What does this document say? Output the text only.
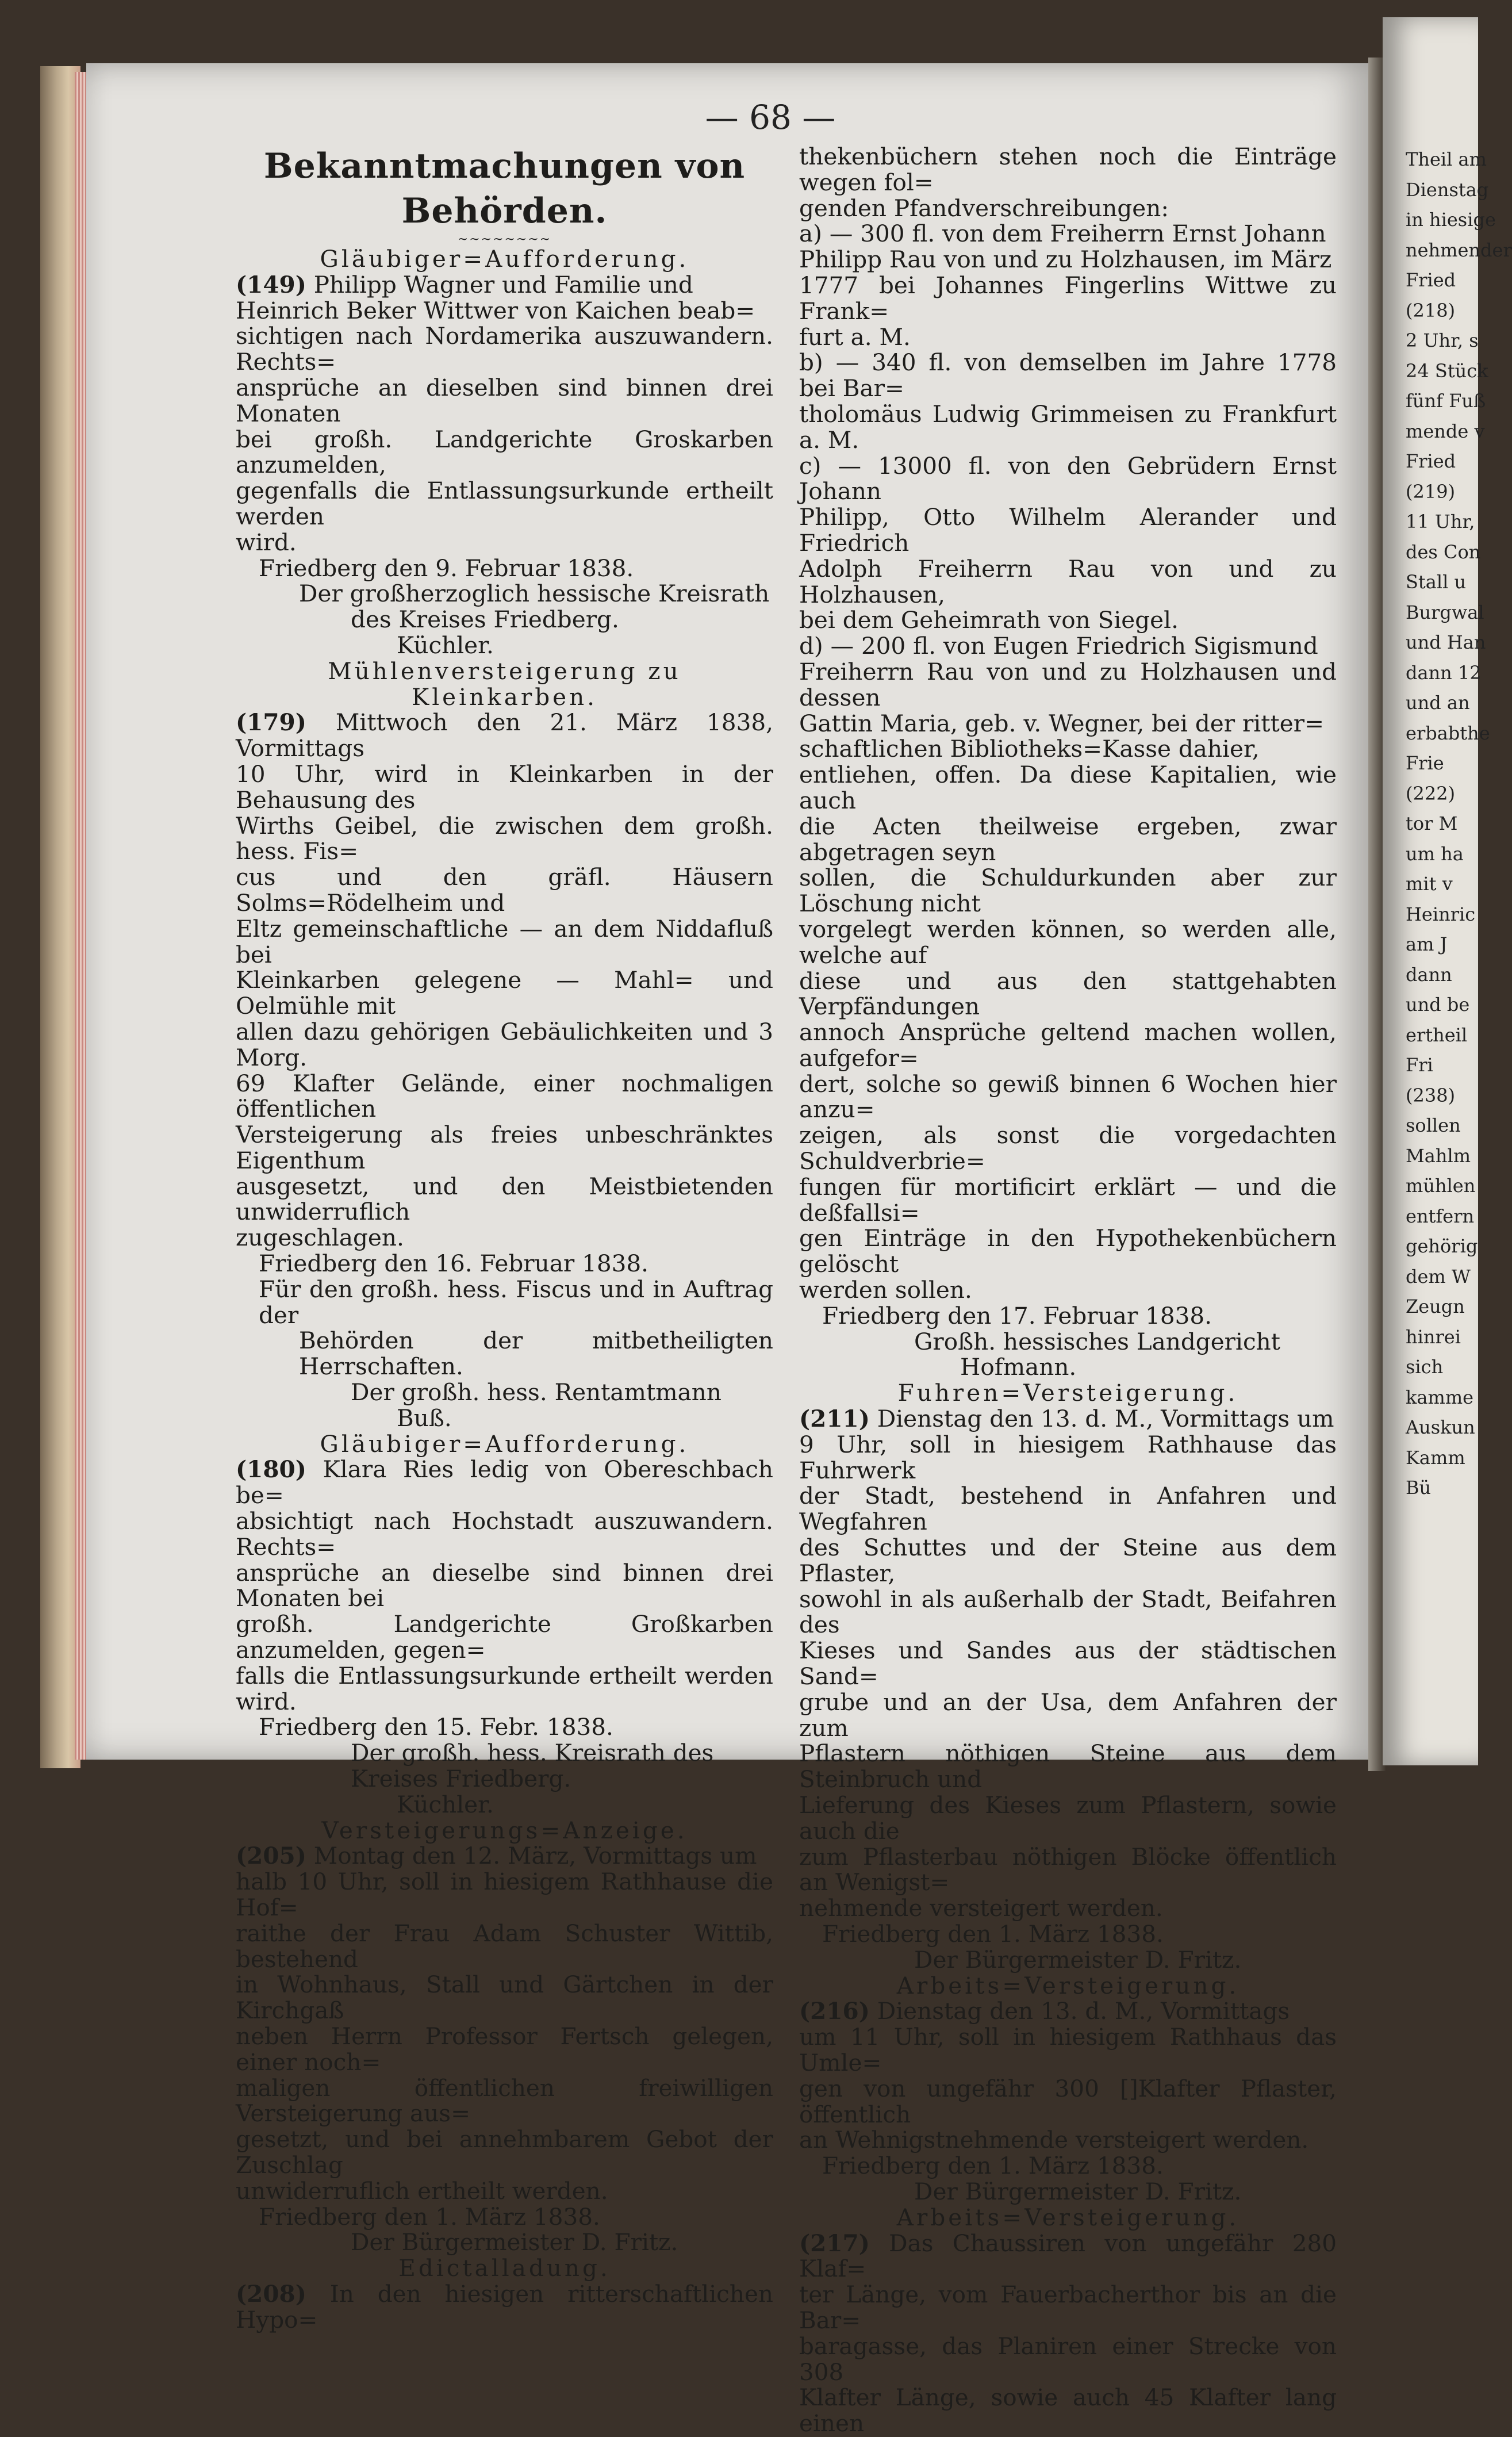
Theil am
Dienstag
in hiesige
nehmender
Fried
(218)
2 Uhr, s
24 Stück
fünf Fuß
mende v
Fried
(219)
11 Uhr,
des Con
Stall u
Burgwal
und Han
dann 12
und an
erbabthe
Frie
(222)
tor M
um ha
mit v
Heinric
am J
dann
und be
ertheil
Fri
(238)
sollen
Mahlm
mühlen
entfern
gehörig
dem W
Zeugn
hinrei
sich
kamme
Auskun
Kamm
Bü
— 68 —
Bekanntmachungen von Behörden.
~~~~~~~~
Gläubiger=Aufforderung.

(149) Philipp Wagner und Familie und

Heinrich Beker Wittwer von Kaichen beab=

sichtigen nach Nordamerika auszuwandern. Rechts=

ansprüche an dieselben sind binnen drei Monaten

bei großh. Landgerichte Groskarben anzumelden,

gegenfalls die Entlassungsurkunde ertheilt werden

wird.

Friedberg den 9. Februar 1838.

Der großherzoglich hessische Kreisrath

des Kreises Friedberg.

Küchler.

Mühlenversteigerung zu Kleinkarben.

(179) Mittwoch den 21. März 1838, Vormittags

10 Uhr, wird in Kleinkarben in der Behausung des

Wirths Geibel, die zwischen dem großh. hess. Fis=

cus und den gräfl. Häusern Solms=Rödelheim und

Eltz gemeinschaftliche — an dem Niddafluß bei

Kleinkarben gelegene — Mahl= und Oelmühle mit

allen dazu gehörigen Gebäulichkeiten und 3 Morg.

69 Klafter Gelände, einer nochmaligen öffentlichen

Versteigerung als freies unbeschränktes Eigenthum

ausgesetzt, und den Meistbietenden unwiderruflich

zugeschlagen.

Friedberg den 16. Februar 1838.

Für den großh. hess. Fiscus und in Auftrag der

Behörden der mitbetheiligten Herrschaften.

Der großh. hess. Rentamtmann

Buß.

Gläubiger=Aufforderung.

(180) Klara Ries ledig von Obereschbach be=

absichtigt nach Hochstadt auszuwandern. Rechts=

ansprüche an dieselbe sind binnen drei Monaten bei

großh. Landgerichte Großkarben anzumelden, gegen=

falls die Entlassungsurkunde ertheilt werden wird.

Friedberg den 15. Febr. 1838.

Der großh. hess. Kreisrath des

Kreises Friedberg.

Küchler.

Versteigerungs=Anzeige.

(205) Montag den 12. März, Vormittags um

halb 10 Uhr, soll in hiesigem Rathhause die Hof=

raithe der Frau Adam Schuster Wittib, bestehend

in Wohnhaus, Stall und Gärtchen in der Kirchgaß

neben Herrn Professor Fertsch gelegen, einer noch=

maligen öffentlichen freiwilligen Versteigerung aus=

gesetzt, und bei annehmbarem Gebot der Zuschlag

unwiderruflich ertheilt werden.

Friedberg den 1. März 1838.

Der Bürgermeister D. Fritz.

Edictalladung.

(208) In den hiesigen ritterschaftlichen Hypo=

thekenbüchern stehen noch die Einträge wegen fol=

genden Pfandverschreibungen:

a) — 300 fl. von dem Freiherrn Ernst Johann

Philipp Rau von und zu Holzhausen, im März

1777 bei Johannes Fingerlins Wittwe zu Frank=

furt a. M.

b) — 340 fl. von demselben im Jahre 1778 bei Bar=

tholomäus Ludwig Grimmeisen zu Frankfurt a. M.

c) — 13000 fl. von den Gebrüdern Ernst Johann

Philipp, Otto Wilhelm Alerander und Friedrich

Adolph Freiherrn Rau von und zu Holzhausen,

bei dem Geheimrath von Siegel.

d) — 200 fl. von Eugen Friedrich Sigismund

Freiherrn Rau von und zu Holzhausen und dessen

Gattin Maria, geb. v. Wegner, bei der ritter=

schaftlichen Bibliotheks=Kasse dahier,

entliehen, offen. Da diese Kapitalien, wie auch

die Acten theilweise ergeben, zwar abgetragen seyn

sollen, die Schuldurkunden aber zur Löschung nicht

vorgelegt werden können, so werden alle, welche auf

diese und aus den stattgehabten Verpfändungen

annoch Ansprüche geltend machen wollen, aufgefor=

dert, solche so gewiß binnen 6 Wochen hier anzu=

zeigen, als sonst die vorgedachten Schuldverbrie=

fungen für mortificirt erklärt — und die deßfallsi=

gen Einträge in den Hypothekenbüchern gelöscht

werden sollen.

Friedberg den 17. Februar 1838.

Großh. hessisches Landgericht

Hofmann.

Fuhren=Versteigerung.

(211) Dienstag den 13. d. M., Vormittags um

9 Uhr, soll in hiesigem Rathhause das Fuhrwerk

der Stadt, bestehend in Anfahren und Wegfahren

des Schuttes und der Steine aus dem Pflaster,

sowohl in als außerhalb der Stadt, Beifahren des

Kieses und Sandes aus der städtischen Sand=

grube und an der Usa, dem Anfahren der zum

Pflastern nöthigen Steine aus dem Steinbruch und

Lieferung des Kieses zum Pflastern, sowie auch die

zum Pflasterbau nöthigen Blöcke öffentlich an Wenigst=

nehmende versteigert werden.

Friedberg den 1. März 1838.

Der Bürgermeister D. Fritz.

Arbeits=Versteigerung.

(216) Dienstag den 13. d. M., Vormittags

um 11 Uhr, soll in hiesigem Rathhaus das Umle=

gen von ungefähr 300 []Klafter Pflaster, öffentlich

an Wehnigstnehmende versteigert werden.

Friedberg den 1. März 1838.

Der Bürgermeister D. Fritz.

Arbeits=Versteigerung.

(217) Das Chaussiren von ungefähr 280 Klaf=

ter Länge, vom Fauerbacherthor bis an die Bar=

baragasse, das Planiren einer Strecke von 308

Klafter Länge, sowie auch 45 Klafter lang einen
